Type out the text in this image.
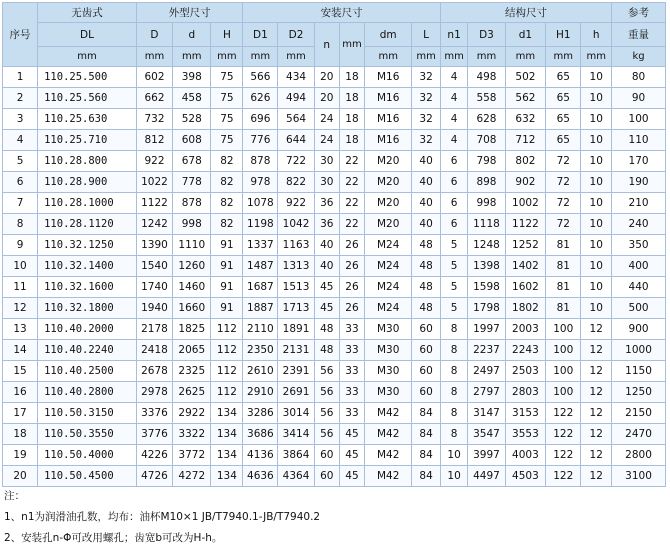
序号	无齿式	外型尺寸			安装尺寸						结构尺寸					参考
	DL	D	d	H	D1	D2	n	mm	dm	L	n1	D3	d1	H1	h	重量
	mm	mm	mm	mm	mm	mm			mm	mm	mm	mm	mm	mm	mm	kg
1	110.25.500	602	398	75	566	434	20	18	M16	32	4	498	502	65	10	80
2	110.25.560	662	458	75	626	494	20	18	M16	32	4	558	562	65	10	90
3	110.25.630	732	528	75	696	564	24	18	M16	32	4	628	632	65	10	100
4	110.25.710	812	608	75	776	644	24	18	M16	32	4	708	712	65	10	110
5	110.28.800	922	678	82	878	722	30	22	M20	40	6	798	802	72	10	170
6	110.28.900	1022	778	82	978	822	30	22	M20	40	6	898	902	72	10	190
7	110.28.1000	1122	878	82	1078	922	36	22	M20	40	6	998	1002	72	10	210
8	110.28.1120	1242	998	82	1198	1042	36	22	M20	40	6	1118	1122	72	10	240
9	110.32.1250	1390	1110	91	1337	1163	40	26	M24	48	5	1248	1252	81	10	350
10	110.32.1400	1540	1260	91	1487	1313	40	26	M24	48	5	1398	1402	81	10	400
11	110.32.1600	1740	1460	91	1687	1513	45	26	M24	48	5	1598	1602	81	10	440
12	110.32.1800	1940	1660	91	1887	1713	45	26	M24	48	5	1798	1802	81	10	500
13	110.40.2000	2178	1825	112	2110	1891	48	33	M30	60	8	1997	2003	100	12	900
14	110.40.2240	2418	2065	112	2350	2131	48	33	M30	60	8	2237	2243	100	12	1000
15	110.40.2500	2678	2325	112	2610	2391	56	33	M30	60	8	2497	2503	100	12	1150
16	110.40.2800	2978	2625	112	2910	2691	56	33	M30	60	8	2797	2803	100	12	1250
17	110.50.3150	3376	2922	134	3286	3014	56	33	M42	84	8	3147	3153	122	12	2150
18	110.50.3550	3776	3322	134	3686	3414	56	45	M42	84	8	3547	3553	122	12	2470
19	110.50.4000	4226	3772	134	4136	3864	60	45	M42	84	10	3997	4003	122	12	2800
20	110.50.4500	4726	4272	134	4636	4364	60	45	M42	84	10	4497	4503	122	12	3100
注：
1、n1为润滑油孔数，均布：油杯M10×1 JB/T7940.1-JB/T7940.2
2、安装孔n-Φ可改用螺孔；齿宽b可改为H-h。
